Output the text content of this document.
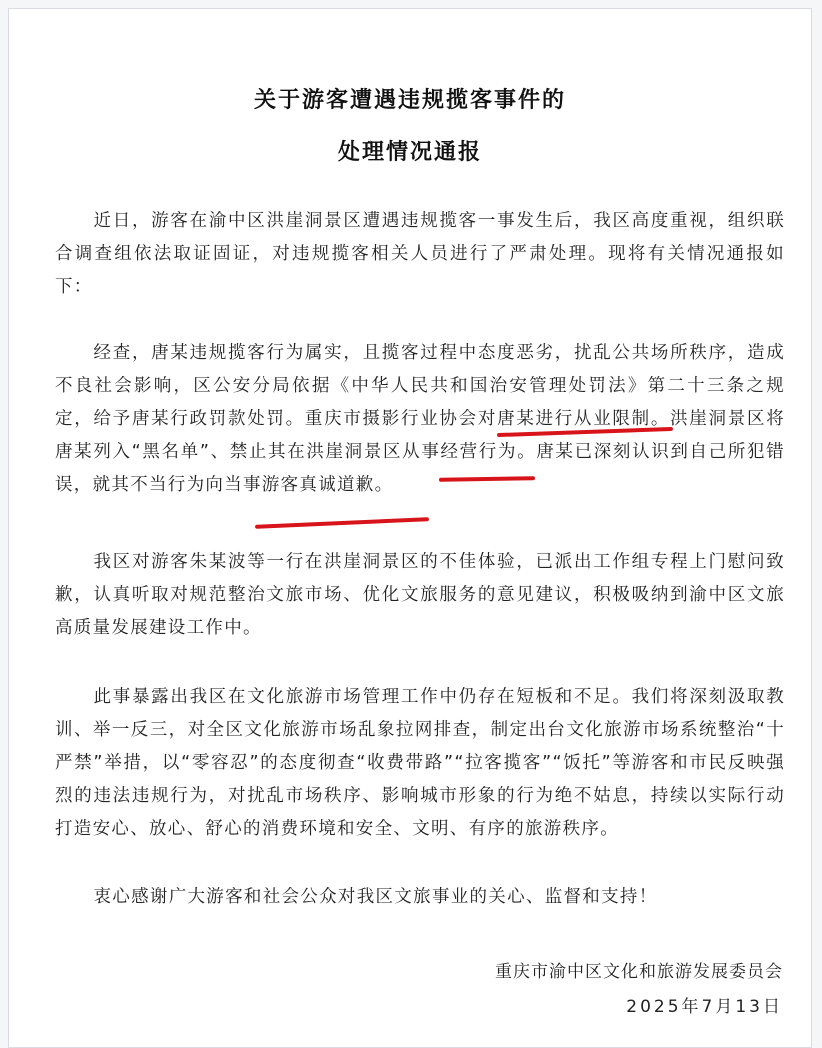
关于游客遭遇违规揽客事件的
处理情况通报

近日，游客在渝中区洪崖洞景区遭遇违规揽客一事发生后，我区高度重视，组织联合调查组依法取证固证，对违规揽客相关人员进行了严肃处理。现将有关情况通报如下：

经查，唐某违规揽客行为属实，且揽客过程中态度恶劣，扰乱公共场所秩序，造成不良社会影响，区公安分局依据《中华人民共和国治安管理处罚法》第二十三条之规定，给予唐某行政罚款处罚。重庆市摄影行业协会对唐某进行从业限制。洪崖洞景区将唐某列入“黑名单”、禁止其在洪崖洞景区从事经营行为。唐某已深刻认识到自己所犯错误，就其不当行为向当事游客真诚道歉。

我区对游客朱某波等一行在洪崖洞景区的不佳体验，已派出工作组专程上门慰问致歉，认真听取对规范整治文旅市场、优化文旅服务的意见建议，积极吸纳到渝中区文旅高质量发展建设工作中。

此事暴露出我区在文化旅游市场管理工作中仍存在短板和不足。我们将深刻汲取教训、举一反三，对全区文化旅游市场乱象拉网排查，制定出台文化旅游市场系统整治“十严禁”举措，以“零容忍”的态度彻查“收费带路”“拉客揽客”“饭托”等游客和市民反映强烈的违法违规行为，对扰乱市场秩序、影响城市形象的行为绝不姑息，持续以实际行动打造安心、放心、舒心的消费环境和安全、文明、有序的旅游秩序。

衷心感谢广大游客和社会公众对我区文旅事业的关心、监督和支持！

重庆市渝中区文化和旅游发展委员会
2025年7月13日
